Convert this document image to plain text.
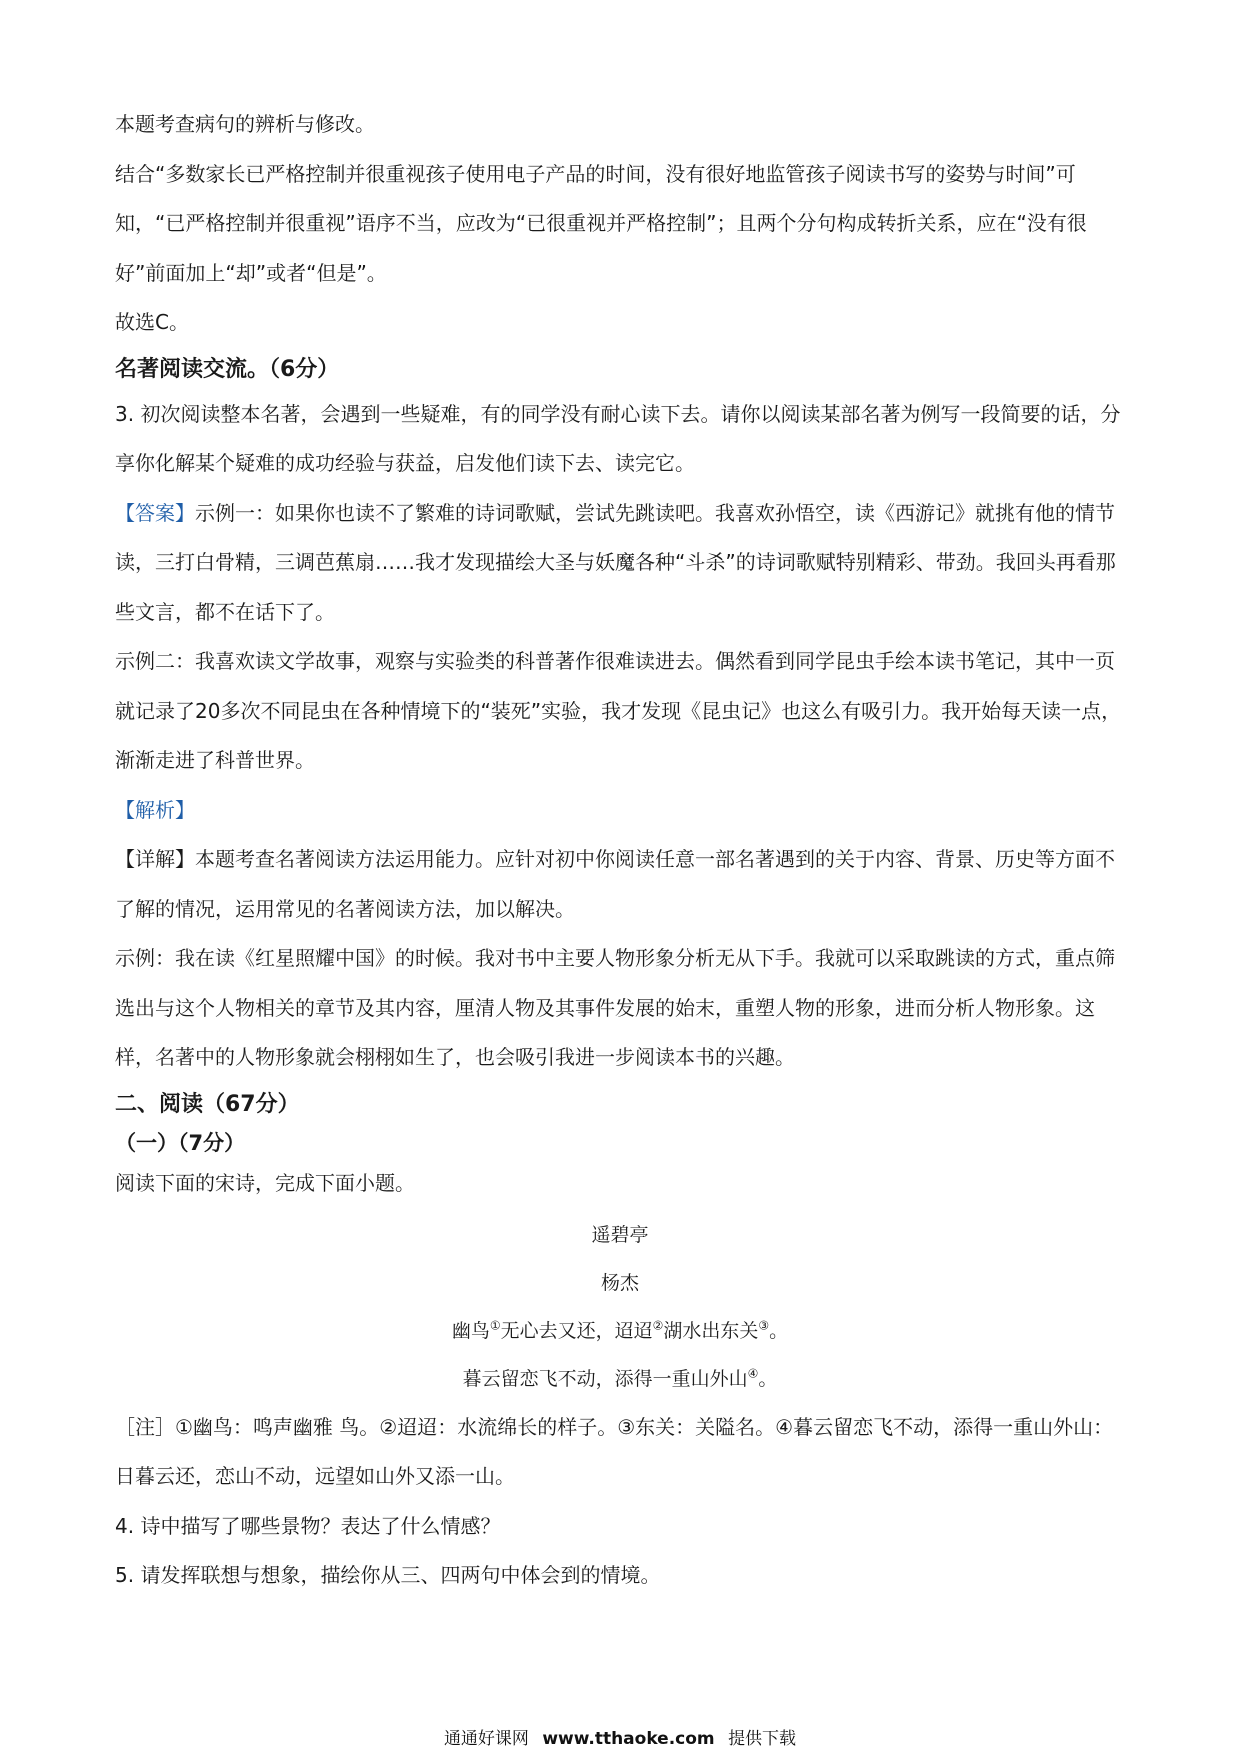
本题考查病句的辨析与修改。

结合“多数家长已严格控制并很重视孩子使用电子产品的时间，没有很好地监管孩子阅读书写的姿势与时间”可知，“已严格控制并很重视”语序不当，应改为“已很重视并严格控制”；且两个分句构成转折关系，应在“没有很好”前面加上“却”或者“但是”。

故选C。

名著阅读交流。（6分）

3. 初次阅读整本名著，会遇到一些疑难，有的同学没有耐心读下去。请你以阅读某部名著为例写一段简要的话，分享你化解某个疑难的成功经验与获益，启发他们读下去、读完它。

【答案】示例一：如果你也读不了繁难的诗词歌赋，尝试先跳读吧。我喜欢孙悟空，读《西游记》就挑有他的情节读，三打白骨精，三调芭蕉扇……我才发现描绘大圣与妖魔各种“斗杀”的诗词歌赋特别精彩、带劲。我回头再看那些文言，都不在话下了。

示例二：我喜欢读文学故事，观察与实验类的科普著作很难读进去。偶然看到同学昆虫手绘本读书笔记，其中一页就记录了20多次不同昆虫在各种情境下的“装死”实验，我才发现《昆虫记》也这么有吸引力。我开始每天读一点，渐渐走进了科普世界。

【解析】

【详解】本题考查名著阅读方法运用能力。应针对初中你阅读任意一部名著遇到的关于内容、背景、历史等方面不了解的情况，运用常见的名著阅读方法，加以解决。

示例：我在读《红星照耀中国》的时候。我对书中主要人物形象分析无从下手。我就可以采取跳读的方式，重点筛选出与这个人物相关的章节及其内容，厘清人物及其事件发展的始末，重塑人物的形象，进而分析人物形象。这样，名著中的人物形象就会栩栩如生了，也会吸引我进一步阅读本书的兴趣。

二、阅读（67分）
（一）（7分）

阅读下面的宋诗，完成下面小题。

遥碧亭

杨杰

幽鸟①无心去又还，迢迢②湖水出东关③。

暮云留恋飞不动，添得一重山外山④。

［注］①幽鸟：鸣声幽雅 鸟。②迢迢：水流绵长的样子。③东关：关隘名。④暮云留恋飞不动，添得一重山外山：日暮云还，恋山不动，远望如山外又添一山。

4. 诗中描写了哪些景物？表达了什么情感？

5. 请发挥联想与想象，描绘你从三、四两句中体会到的情境。

通通好课网 www.tthaoke.com 提供下载
